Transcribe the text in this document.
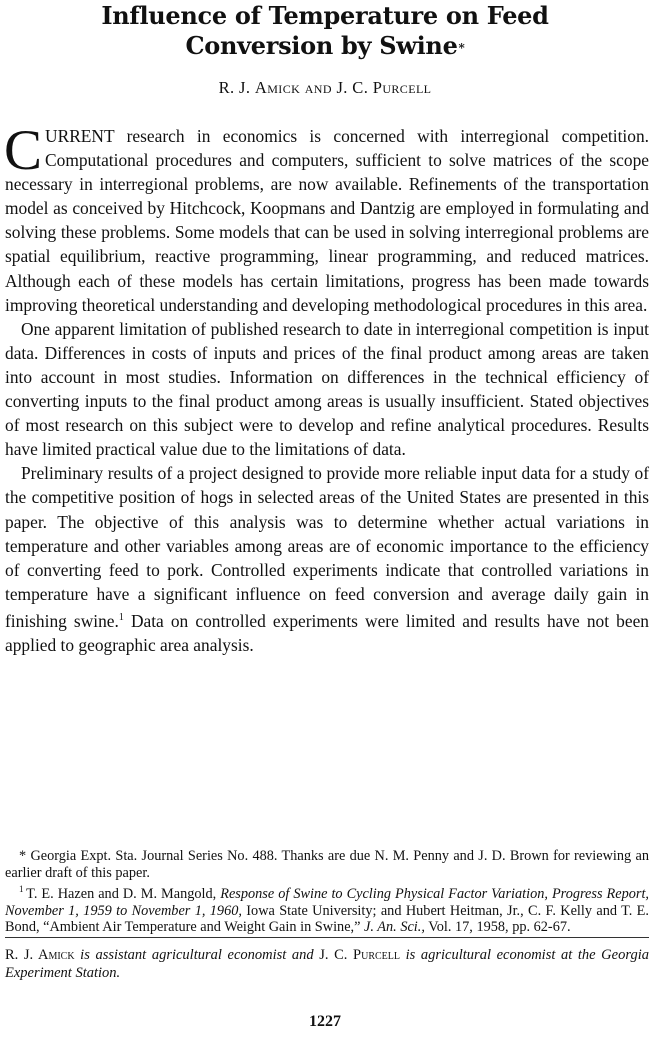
Influence of Temperature on Feed
Conversion by Swine*
R. J. Amick and J. C. Purcell

CURRENT research in economics is concerned with interregional competition. Computational procedures and computers, sufficient to solve matrices of the scope necessary in interregional problems, are now available. Refinements of the transportation model as conceived by Hitchcock, Koopmans and Dantzig are employed in formulating and solving these problems. Some models that can be used in solving interregional problems are spatial equilibrium, reactive programming, linear programming, and reduced matrices. Although each of these models has certain limitations, progress has been made towards improving theoretical understanding and developing methodological procedures in this area.

One apparent limitation of published research to date in interregional competition is input data. Differences in costs of inputs and prices of the final product among areas are taken into account in most studies. Information on differences in the technical efficiency of converting inputs to the final product among areas is usually insufficient. Stated objectives of most research on this subject were to develop and refine analytical procedures. Results have limited practical value due to the limitations of data.

Preliminary results of a project designed to provide more reliable input data for a study of the competitive position of hogs in selected areas of the United States are presented in this paper. The objective of this analysis was to determine whether actual variations in temperature and other variables among areas are of economic importance to the efficiency of converting feed to pork. Controlled experiments indicate that controlled variations in temperature have a significant influence on feed conversion and average daily gain in finishing swine.$^1$ Data on controlled experiments were limited and results have not been applied to geographic area analysis.

* Georgia Expt. Sta. Journal Series No. 488. Thanks are due N. M. Penny and J. D. Brown for reviewing an earlier draft of this paper.

$^1$ T. E. Hazen and D. M. Mangold, Response of Swine to Cycling Physical Factor Variation, Progress Report, November 1, 1959 to November 1, 1960, Iowa State University; and Hubert Heitman, Jr., C. F. Kelly and T. E. Bond, “Ambient Air Temperature and Weight Gain in Swine,” J. An. Sci., Vol. 17, 1958, pp. 62-67.

R. J. Amick is assistant agricultural economist and J. C. Purcell is agricultural economist at the Georgia Experiment Station.
1227
